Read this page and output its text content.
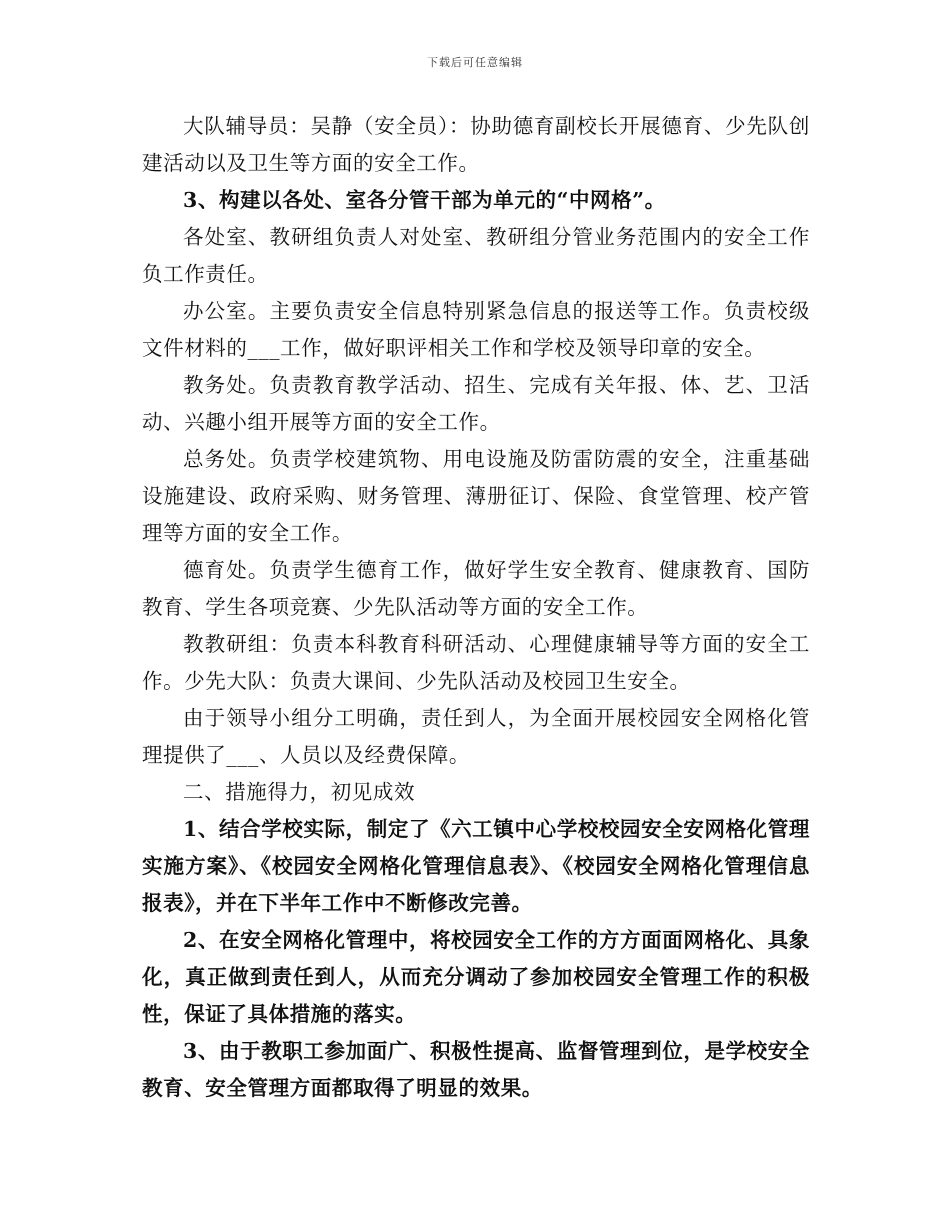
下载后可任意编辑

大队辅导员：吴静（安全员）：协助德育副校长开展德育、少先队创建活动以及卫生等方面的安全工作。

3、构建以各处、室各分管干部为单元的“中网格”。

各处室、教研组负责人对处室、教研组分管业务范围内的安全工作负工作责任。

办公室。主要负责安全信息特别紧急信息的报送等工作。负责校级文件材料的___工作，做好职评相关工作和学校及领导印章的安全。

教务处。负责教育教学活动、招生、完成有关年报、体、艺、卫活动、兴趣小组开展等方面的安全工作。

总务处。负责学校建筑物、用电设施及防雷防震的安全，注重基础设施建设、政府采购、财务管理、薄册征订、保险、食堂管理、校产管理等方面的安全工作。

德育处。负责学生德育工作，做好学生安全教育、健康教育、国防教育、学生各项竞赛、少先队活动等方面的安全工作。

教教研组：负责本科教育科研活动、心理健康辅导等方面的安全工作。少先大队：负责大课间、少先队活动及校园卫生安全。

由于领导小组分工明确，责任到人，为全面开展校园安全网格化管理提供了___、人员以及经费保障。

二、措施得力，初见成效

1、结合学校实际，制定了《六工镇中心学校校园安全安网格化管理实施方案》、《校园安全网格化管理信息表》、《校园安全网格化管理信息报表》，并在下半年工作中不断修改完善。

2、在安全网格化管理中，将校园安全工作的方方面面网格化、具象化，真正做到责任到人，从而充分调动了参加校园安全管理工作的积极性，保证了具体措施的落实。

3、由于教职工参加面广、积极性提高、监督管理到位，是学校安全教育、安全管理方面都取得了明显的效果。
